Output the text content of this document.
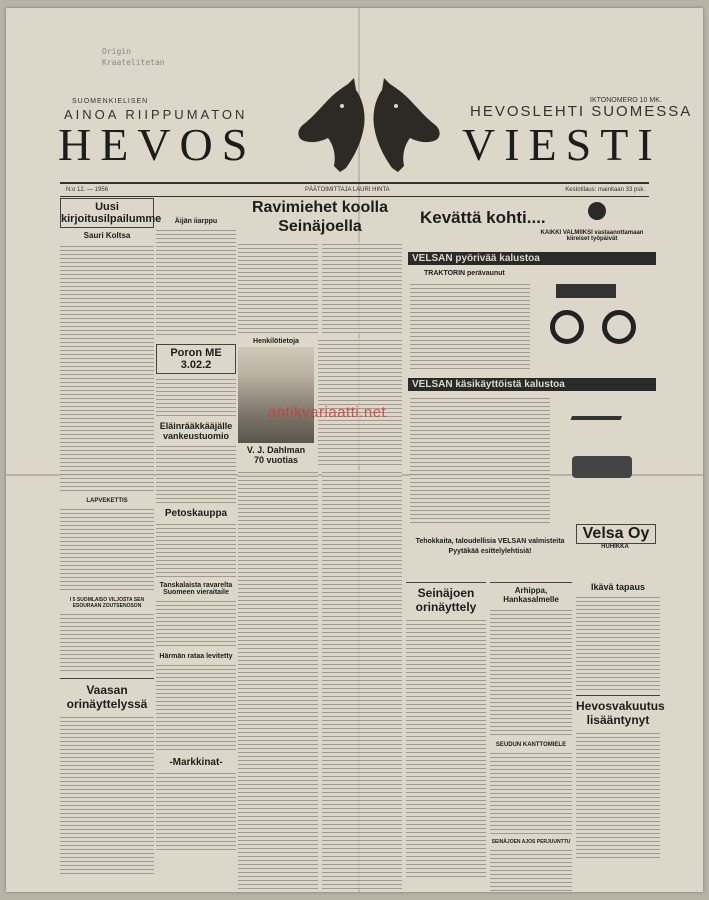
Origin
Kraatelitetan
SUOMENKIELISEN
AINOA RIIPPUMATON
HEVOS
IKTONOMERO 10 MK.
HEVOSLEHTI SUOMESSA
VIESTI
N:o 12. — 1956	PÄÄTOIMITTAJA LAURI HINTA	Kestotilaus: mainitaan 33 psk.
Uusi kirjoitusilpailumme
Sauri Koltsa
LAPVEKETTIS
I 5 SUOMLAISO VILJOSTA SEN ESOURAAN ZOUTSENOSON
Vaasan orinäyttelyssä
Äijän iiarppu
Poron ME 3.02.2
Eläinrääkkääjälle vankeustuomio
Petoskauppa
Tanskalaista ravarelta Suomeen vieraitaile
Härmän rataa levitetty
-Markkinat-
Ravimiehet koolla Seinäjoella
Henkilötietoja
V. J. Dahlman
70 vuotias
Kevättä kohti....
KAIKKI VALMIIKSI vastaanottamaan kiireiset työpäivät
VELSAN pyörivää kalustoa
TRAKTORIN perävaunut
VELSAN käsikäyttöistä kalustoa
Velsa Oy
HUHIKKA
Tehokkaita, taloudellisia VELSAN valmisteita
Pyytäkää esittelylehtisiä!
Seinäjoen orinäyttely
Arhippa, Hankasalmelle
SEUDUN KANTTOMIELE
SEINÄJOEN AJOS PERJUUNTTU
Ikävä tapaus
Hevosvakuutus lisääntynyt
antikvariaatti.net
